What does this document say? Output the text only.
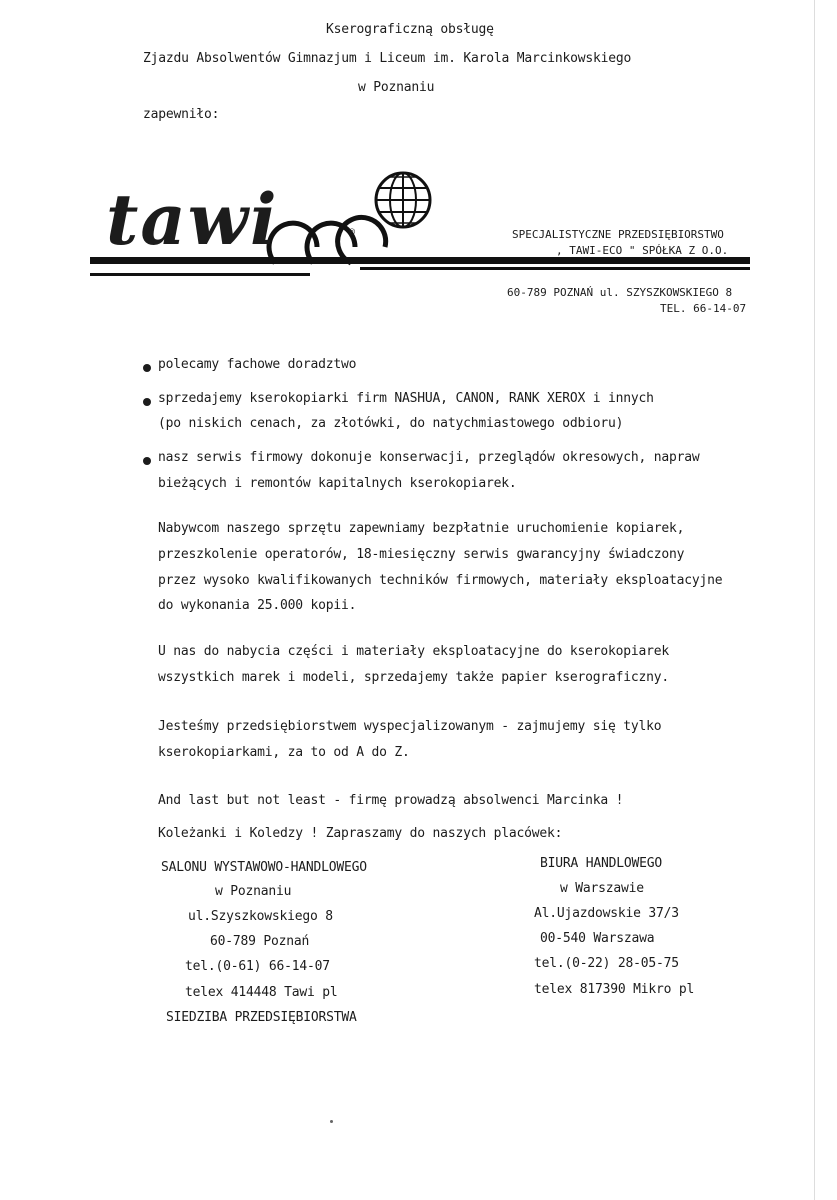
Kserograficzną obsługę
Zjazdu Absolwentów Gimnazjum i Liceum im. Karola Marcinkowskiego
w Poznaniu
zapewniło:
tawi	®	SPECJALISTYCZNE PRZEDSIĘBIORSTWO
, TAWI-ECO " SPÓŁKA Z O.O.
60-789 POZNAŃ ul. SZYSZKOWSKIEGO 8
TEL. 66-14-07
polecamy fachowe doradztwo
sprzedajemy kserokopiarki firm NASHUA, CANON, RANK XEROX i innych
(po niskich cenach, za złotówki, do natychmiastowego odbioru)
nasz serwis firmowy dokonuje konserwacji, przeglądów okresowych, napraw
bieżących i remontów kapitalnych kserokopiarek.
Nabywcom naszego sprzętu zapewniamy bezpłatnie uruchomienie kopiarek,
przeszkolenie operatorów, 18-miesięczny serwis gwarancyjny świadczony
przez wysoko kwalifikowanych techników firmowych, materiały eksploatacyjne
do wykonania 25.000 kopii.
U nas do nabycia części i materiały eksploatacyjne do kserokopiarek
wszystkich marek i modeli, sprzedajemy także papier kserograficzny.
Jesteśmy przedsiębiorstwem wyspecjalizowanym - zajmujemy się tylko
kserokopiarkami, za to od A do Z.
And last but not least - firmę prowadzą absolwenci Marcinka !
Koleżanki i Koledzy ! Zapraszamy do naszych placówek:
SALONU WYSTAWOWO-HANDLOWEGO
w Poznaniu
ul.Szyszkowskiego 8
60-789 Poznań
tel.(0-61) 66-14-07
telex 414448 Tawi pl
SIEDZIBA PRZEDSIĘBIORSTWA
BIURA HANDLOWEGO
w Warszawie
Al.Ujazdowskie 37/3
00-540 Warszawa
tel.(0-22) 28-05-75
telex 817390 Mikro pl
